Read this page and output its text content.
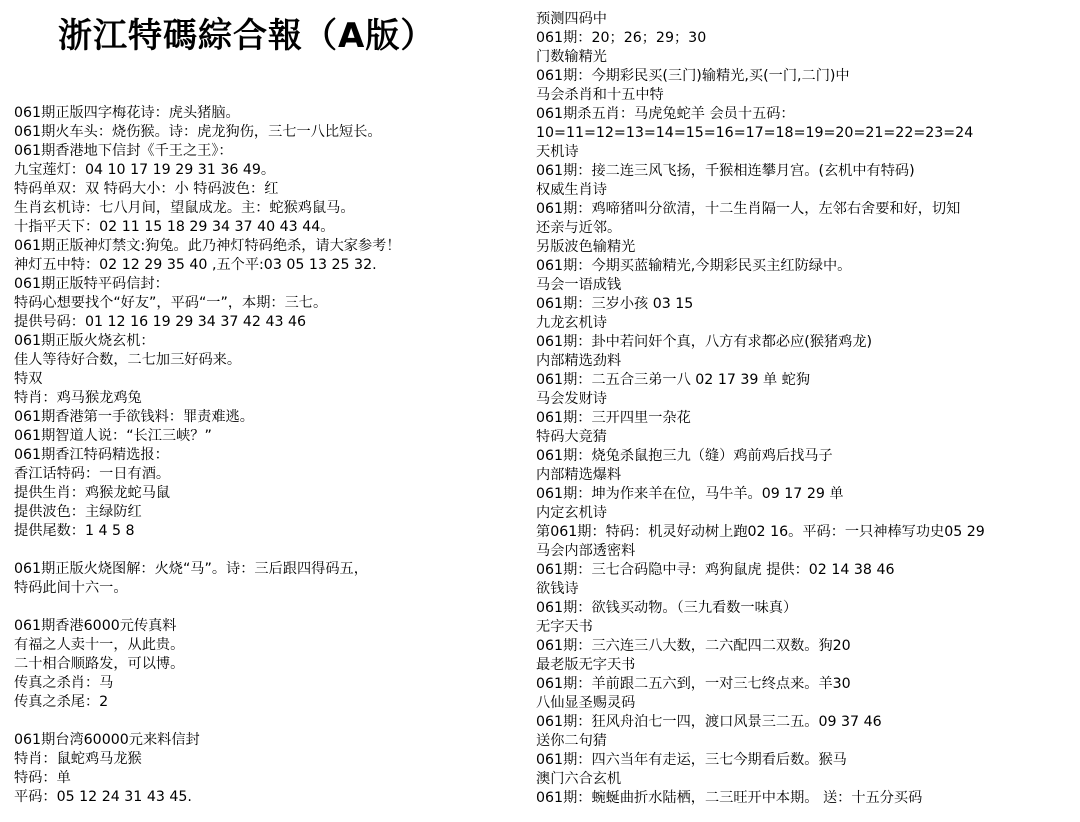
浙江特碼綜合報（A版）
061期正版四字梅花诗：虎头猪脑。
061期火车头：烧伤猴。诗：虎龙狗伤，三七一八比短长。
061期香港地下信封《千王之王》：
九宝莲灯：04 10 17 19 29 31 36 49。
特码单双：双 特码大小：小 特码波色：红
生肖玄机诗：七八月间，望鼠成龙。主：蛇猴鸡鼠马。
十指平天下：02 11 15 18 29 34 37 40 43 44。
061期正版神灯禁文:狗兔。此乃神灯特码绝杀，请大家参考！
神灯五中特：02 12 29 35 40 ,五个平:03 05 13 25 32.
061期正版特平码信封：
特码心想要找个“好友”，平码“一”，本期：三七。
提供号码：01 12 16 19 29 34 37 42 43 46
061期正版火烧玄机：
佳人等待好合数，二七加三好码来。
特双
特肖：鸡马猴龙鸡兔
061期香港第一手欲钱料：罪责难逃。
061期智道人说：“长江三峡？”
061期香江特码精选报：
香江话特码：一日有酒。
提供生肖：鸡猴龙蛇马鼠
提供波色：主绿防红
提供尾数：1 4 5 8
061期正版火烧图解：火烧“马”。诗：三后跟四得码五，
特码此间十六一。
061期香港6000元传真料
有福之人卖十一，从此贵。
二十相合顺路发，可以博。
传真之杀肖：马
传真之杀尾：2
061期台湾60000元来料信封
特肖：鼠蛇鸡马龙猴
特码：单
平码：05 12 24 31 43 45.
预测四码中
061期：20；26；29；30
门数输精光
061期：今期彩民买(三门)输精光,买(一门,二门)中
马会杀肖和十五中特
061期杀五肖：马虎兔蛇羊 会员十五码：
10=11=12=13=14=15=16=17=18=19=20=21=22=23=24
天机诗
061期：接二连三风飞扬，千猴相连攀月宫。(玄机中有特码)
权威生肖诗
061期：鸡啼猪叫分欲清，十二生肖隔一人，左邻右舍要和好，切知
还亲与近邻。
另版波色输精光
061期：今期买蓝输精光,今期彩民买主红防绿中。
马会一语成钱
061期：三岁小孩 03 15
九龙玄机诗
061期：卦中若问奸个真，八方有求都必应(猴猪鸡龙)
内部精选劲料
061期：二五合三弟一八 02 17 39 单 蛇狗
马会发财诗
061期：三开四里一杂花
特码大竞猜
061期：烧兔杀鼠抱三九（缝）鸡前鸡后找马子
内部精选爆料
061期：坤为作来羊在位，马牛羊。09 17 29 单
内定玄机诗
第061期：特码：机灵好动树上跑02 16。平码：一只神棒写功史05 29
马会内部透密料
061期：三七合码隐中寻：鸡狗鼠虎 提供：02 14 38 46
欲钱诗
061期：欲钱买动物。（三九看数一味真）
无字天书
061期：三六连三八大数，二六配四二双数。狗20
最老版无字天书
061期：羊前跟二五六到，一对三七终点来。羊30
八仙显圣赐灵码
061期：狂风舟泊七一四，渡口风景三二五。09 37 46
送你二句猜
061期：四六当年有走运，三七今期看后数。猴马
澳门六合玄机
061期：蜿蜒曲折水陆栖，二三旺开中本期。 送：十五分买码
